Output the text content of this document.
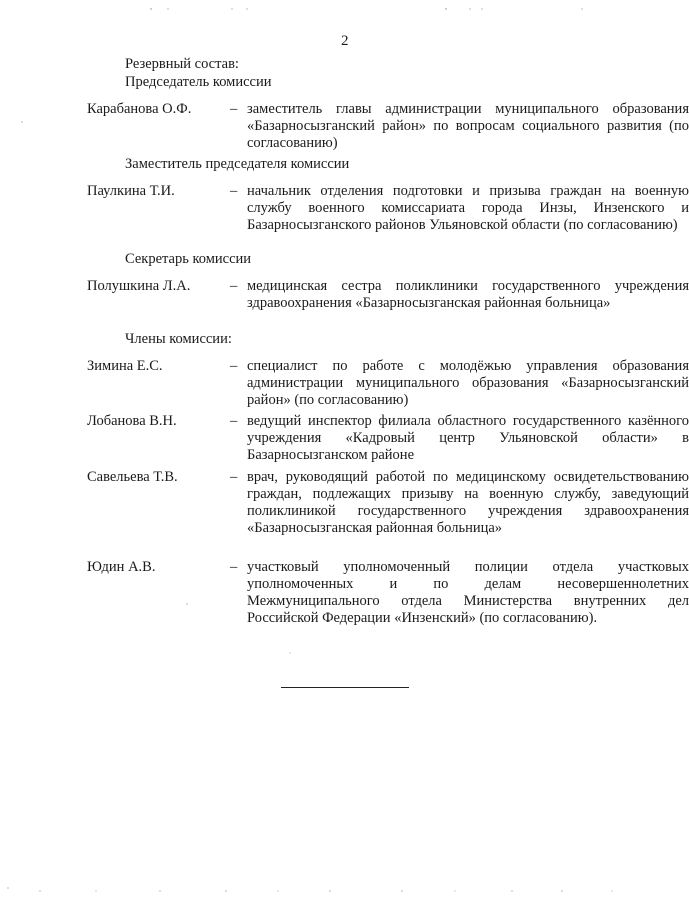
2
Резервный состав:
Председатель комиссии
Карабанова О.Ф.	– заместитель главы администрации муниципального образования «Базарносызганский район» по вопросам социального развития (по согласованию)
Заместитель председателя комиссии
Паулкина Т.И.	– начальник отделения подготовки и призыва граждан на военную службу военного комиссариата города Инзы, Инзенского и Базарносызганского районов Ульяновской области (по согласованию)
Секретарь комиссии
Полушкина Л.А.	– медицинская сестра поликлиники государственного учреждения здравоохранения «Базарносызганская районная больница»
Члены комиссии:
Зимина Е.С.	– специалист по работе с молодёжью управления образования администрации муниципального образования «Базарносызганский район» (по согласованию)
Лобанова В.Н.	– ведущий инспектор филиала областного государственного казённого учреждения «Кадровый центр Ульяновской области» в Базарносызганском районе
Савельева Т.В.	– врач, руководящий работой по медицинскому освидетельствованию граждан, подлежащих призыву на военную службу, заведующий поликлиникой государственного учреждения здравоохранения «Базарносызганская районная больница»
Юдин А.В.	– участковый уполномоченный полиции отдела участковых уполномоченных и по делам несовершеннолетних Межмуниципального отдела Министерства внутренних дел Российской Федерации «Инзенский» (по согласованию).
